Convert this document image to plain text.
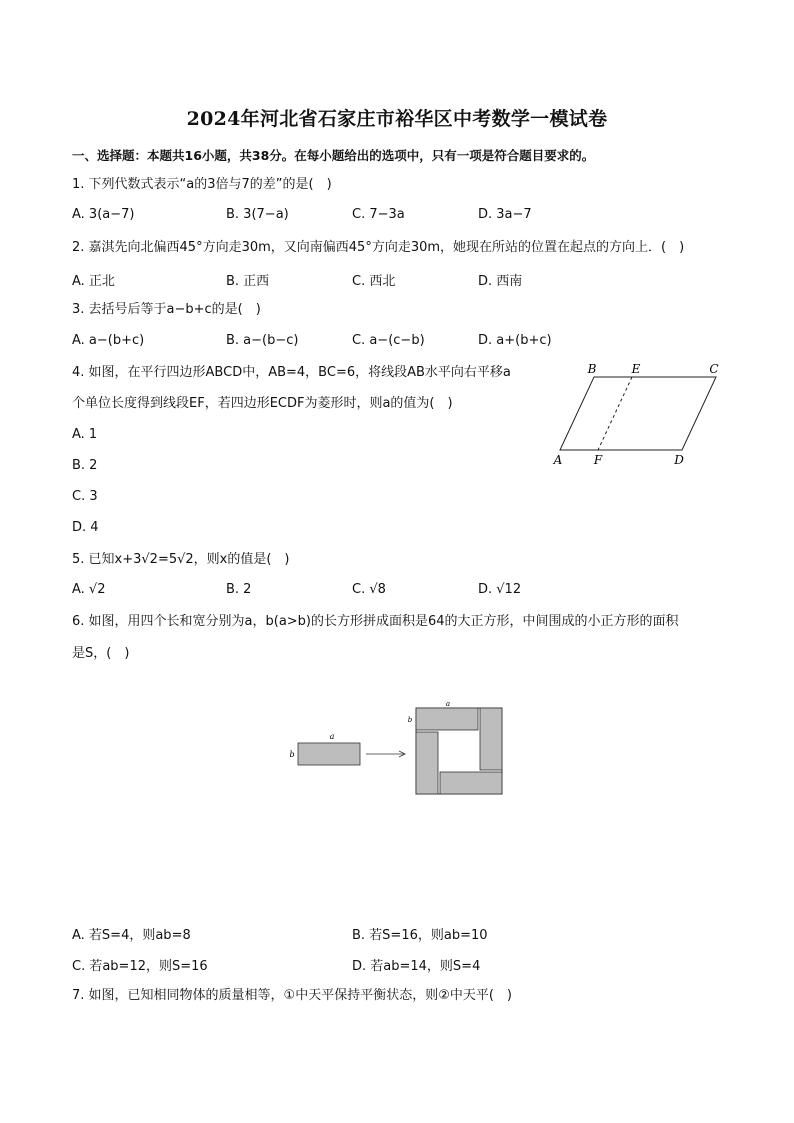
2024年河北省石家庄市裕华区中考数学一模试卷
一、选择题：本题共16小题，共38分。在每小题给出的选项中，只有一项是符合题目要求的。
1. 下列代数式表示“a的3倍与7的差”的是(　)
A. 3(a−7)	B. 3(7−a)	C. 7−3a	D. 3a−7
2. 嘉淇先向北偏西45°方向走30m，又向南偏西45°方向走30m，她现在所站的位置在起点的方向上．(　)
A. 正北	B. 正西	C. 西北	D. 西南
3. 去括号后等于a−b+c的是(　)
A. a−(b+c)	B. a−(b−c)	C. a−(c−b)	D. a+(b+c)
4. 如图，在平行四边形ABCD中，AB=4，BC=6，将线段AB水平向右平移a
个单位长度得到线段EF，若四边形ECDF为菱形时，则a的值为(　)
A. 1
B. 2
C. 3
D. 4
B	E	C
A	F	D
5. 已知x+3√2=5√2，则x的值是(　)
A. √2	B. 2	C. √8	D. √12
6. 如图，用四个长和宽分别为a，b(a>b)的长方形拼成面积是64的大正方形，中间围成的小正方形的面积
是S，(　)
a
b
a
b
A. 若S=4，则ab=8	B. 若S=16，则ab=10
C. 若ab=12，则S=16	D. 若ab=14，则S=4
7. 如图，已知相同物体的质量相等，①中天平保持平衡状态，则②中天平(　)
